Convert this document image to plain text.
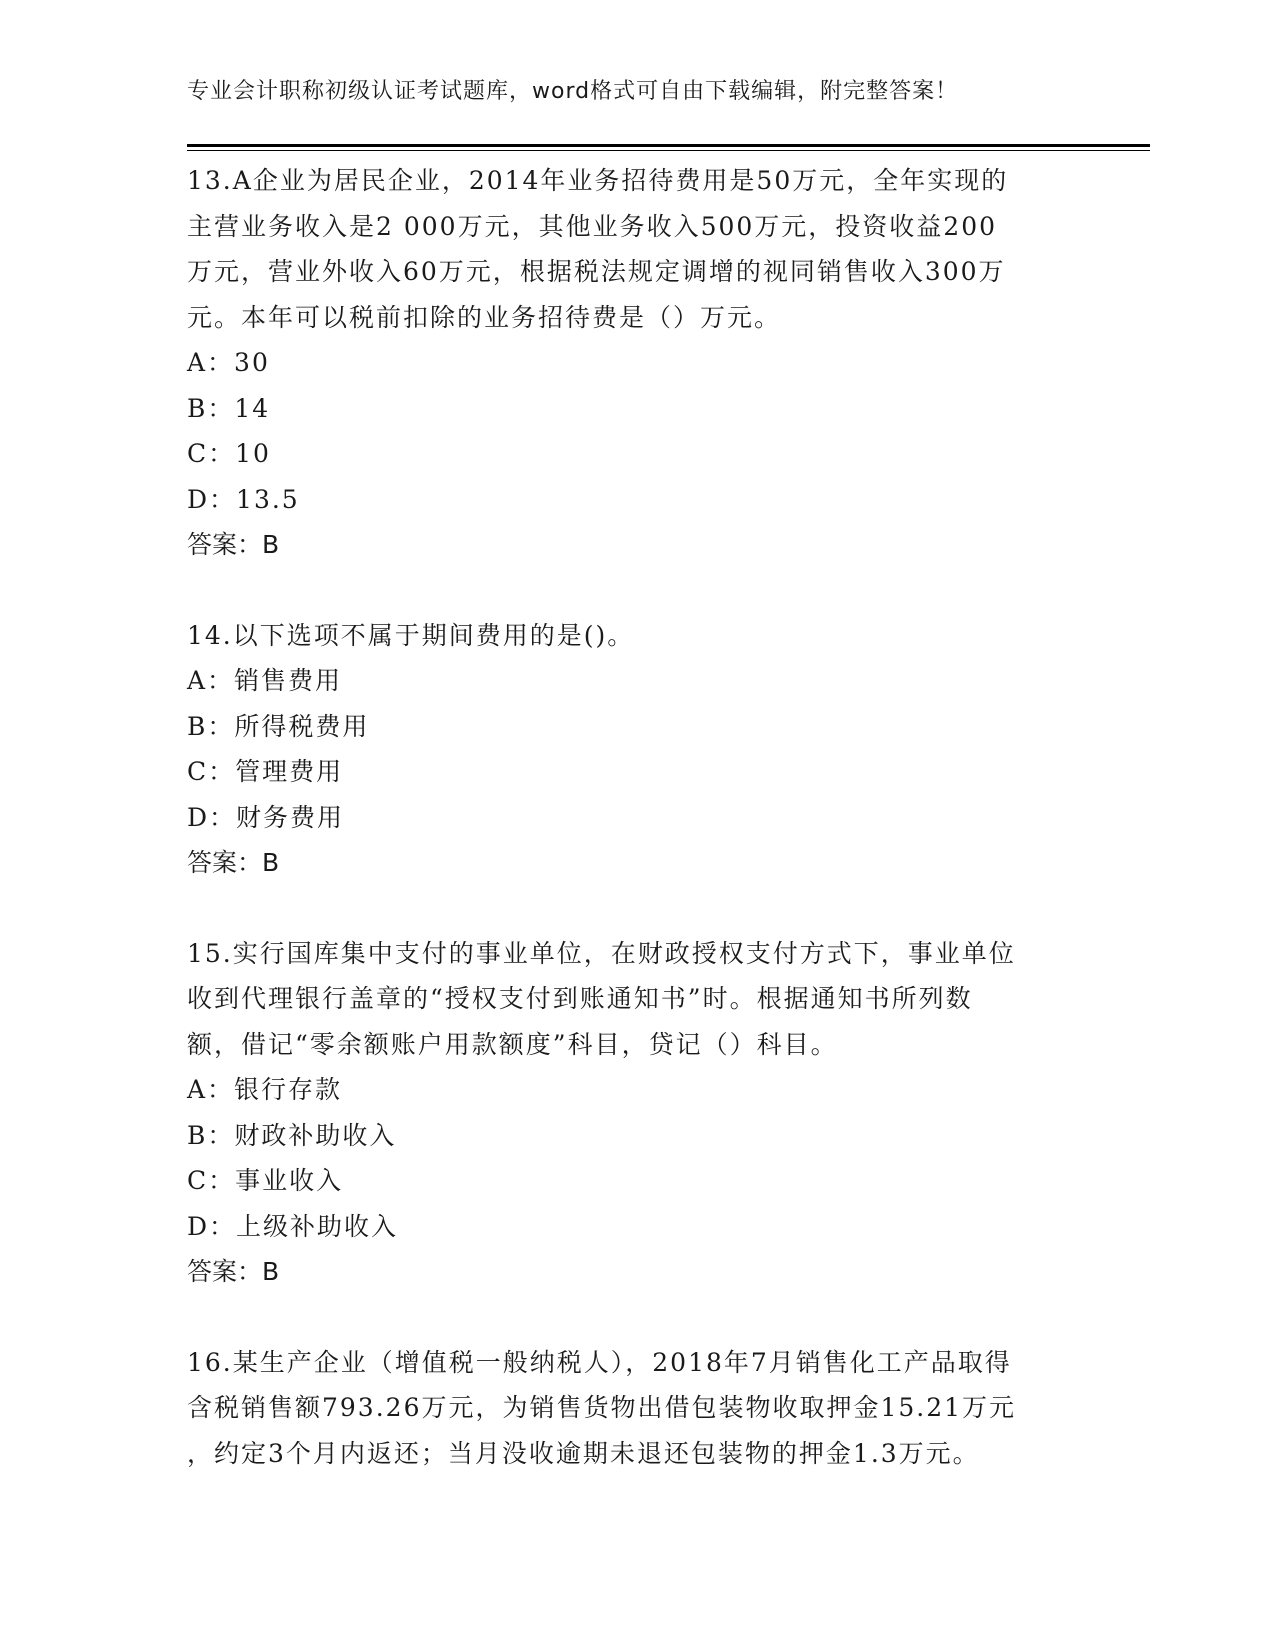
专业会计职称初级认证考试题库，word格式可自由下载编辑，附完整答案！
13.A企业为居民企业，2014年业务招待费用是50万元，全年实现的
主营业务收入是2 000万元，其他业务收入500万元，投资收益200
万元，营业外收入60万元，根据税法规定调增的视同销售收入300万
元。本年可以税前扣除的业务招待费是（）万元。
A：30
B：14
C：10
D：13.5
答案：B
14.以下选项不属于期间费用的是()。
A：销售费用
B：所得税费用
C：管理费用
D：财务费用
答案：B
15.实行国库集中支付的事业单位，在财政授权支付方式下，事业单位
收到代理银行盖章的“授权支付到账通知书”时。根据通知书所列数
额，借记“零余额账户用款额度”科目，贷记（）科目。
A：银行存款
B：财政补助收入
C：事业收入
D：上级补助收入
答案：B
16.某生产企业（增值税一般纳税人），2018年7月销售化工产品取得
含税销售额793.26万元，为销售货物出借包装物收取押金15.21万元
，约定3个月内返还；当月没收逾期未退还包装物的押金1.3万元。
